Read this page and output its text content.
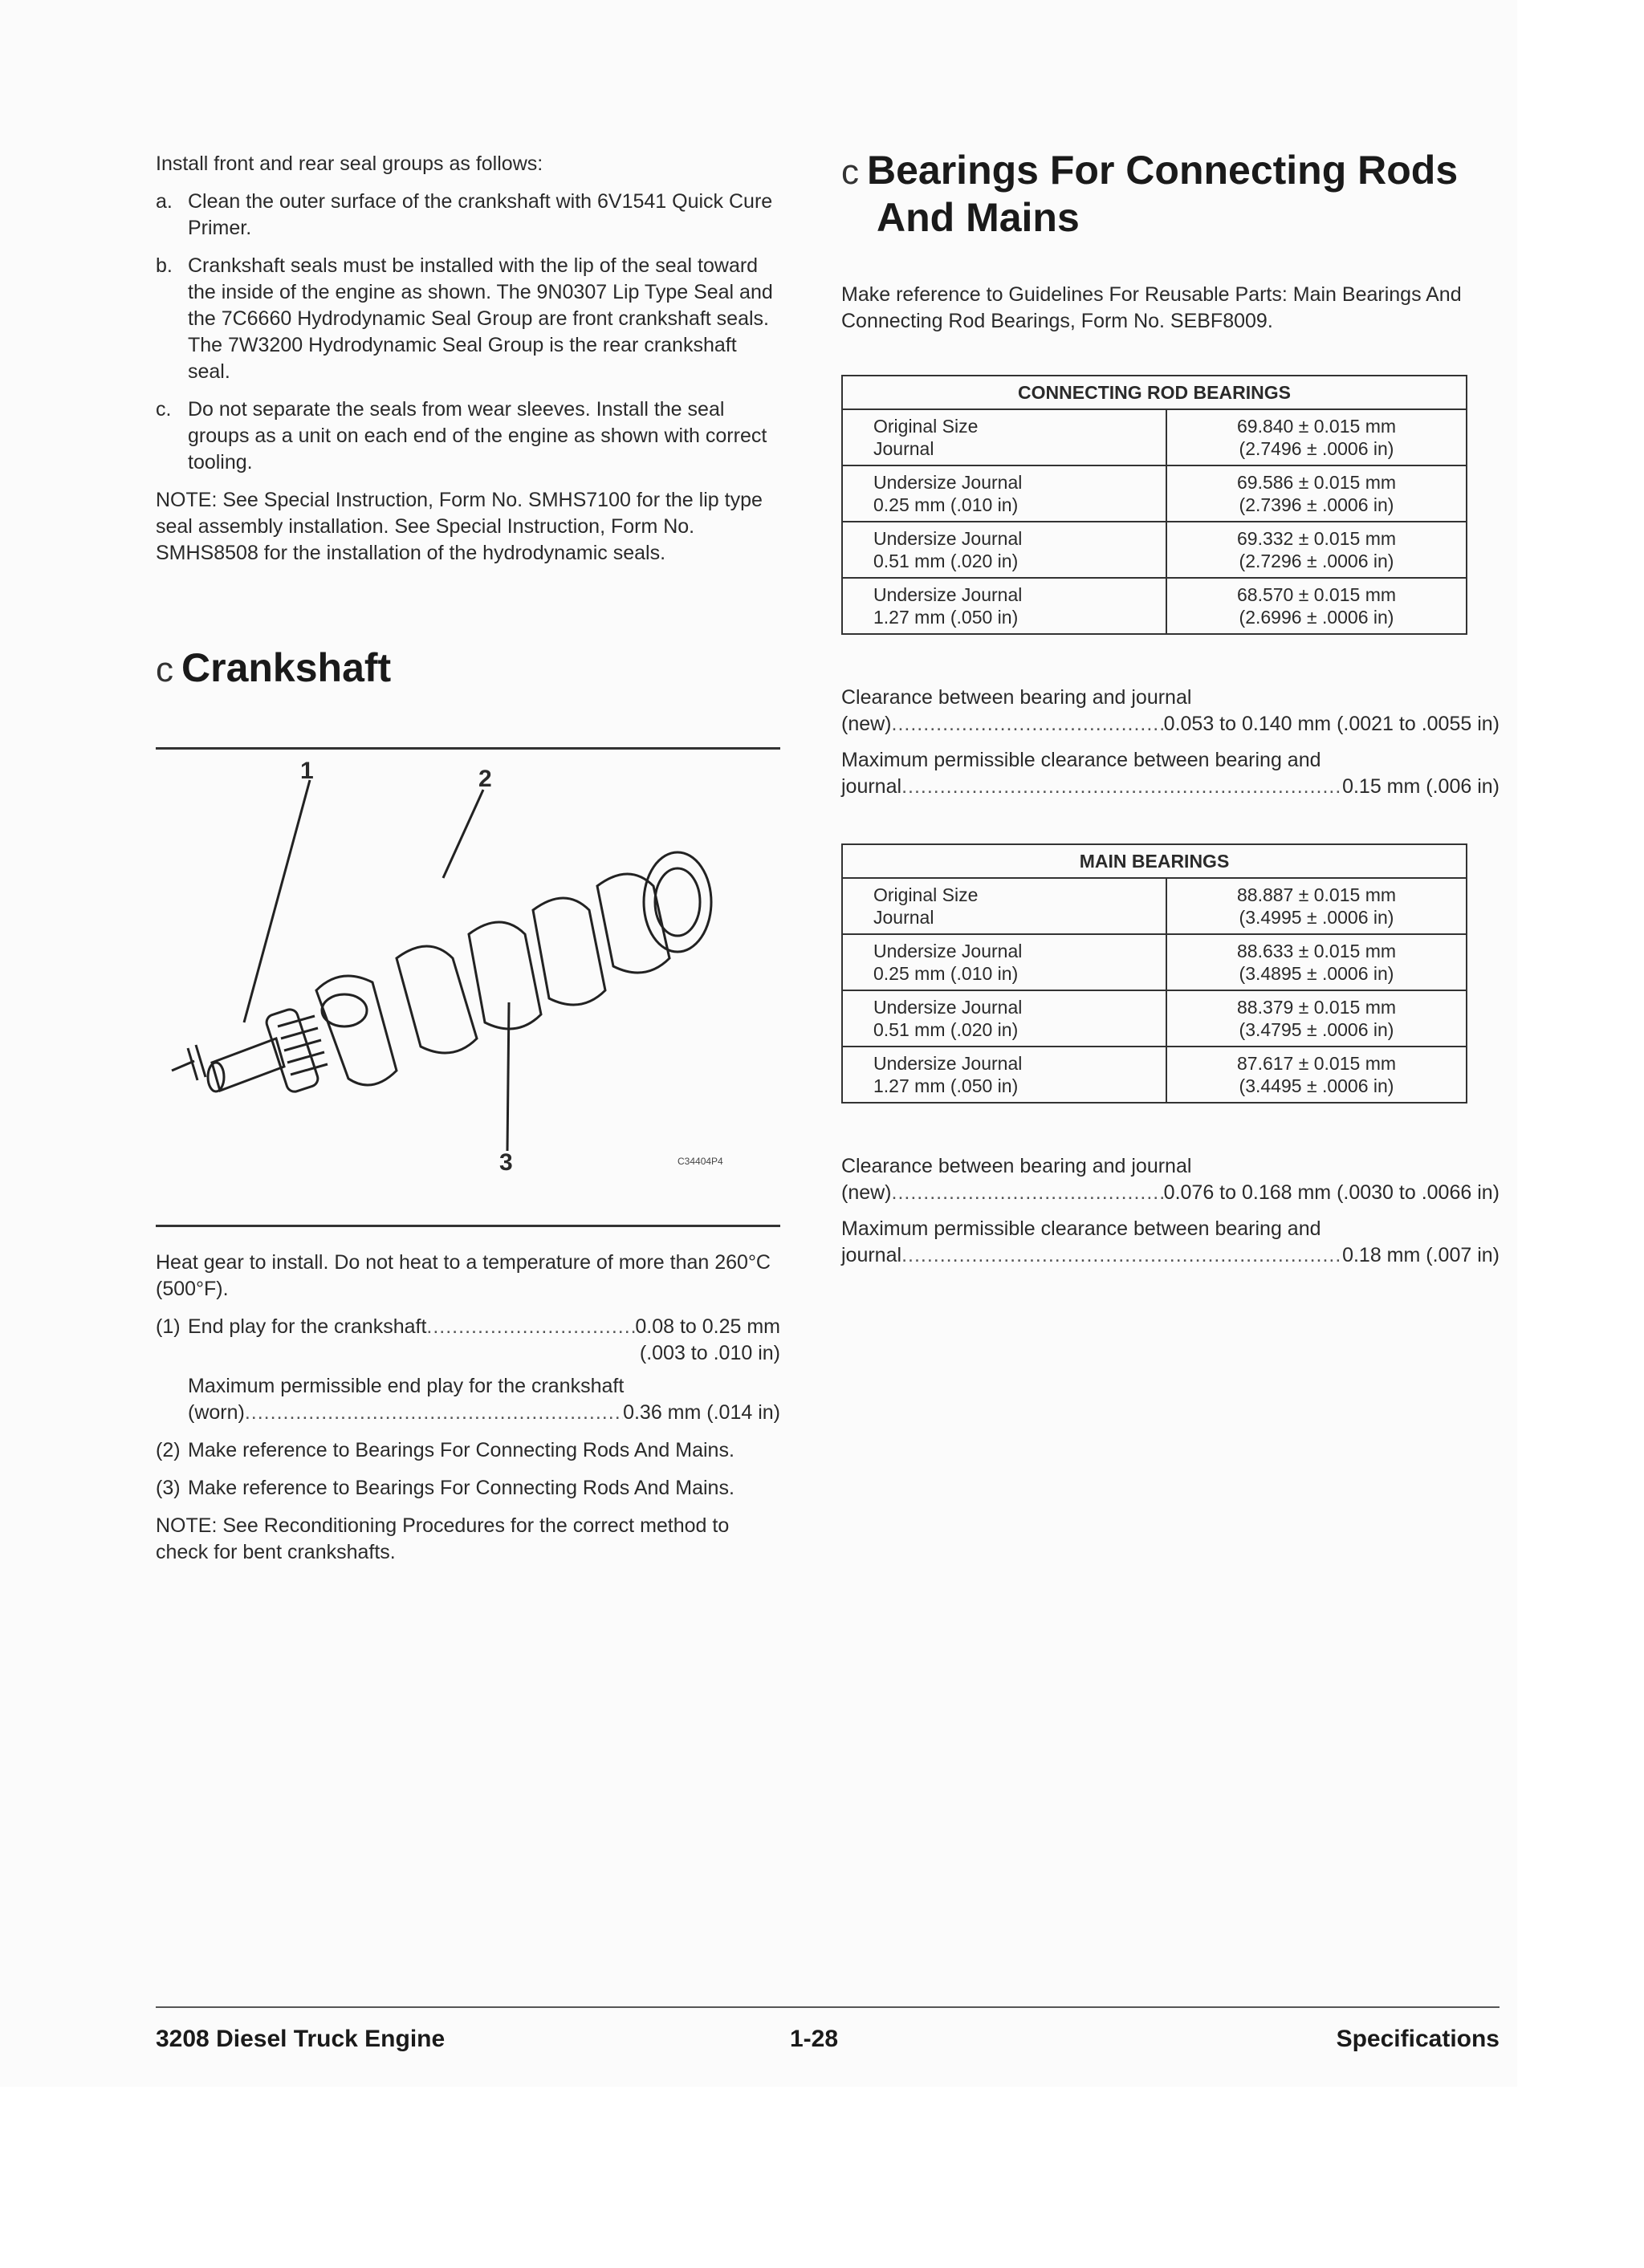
Install front and rear seal groups as follows:

a. Clean the outer surface of the crankshaft with 6V1541 Quick Cure Primer.
b. Crankshaft seals must be installed with the lip of the seal toward the inside of the engine as shown. The 9N0307 Lip Type Seal and the 7C6660 Hydrodynamic Seal Group are front crankshaft seals. The 7W3200 Hydrodynamic Seal Group is the rear crankshaft seal.
c. Do not separate the seals from wear sleeves. Install the seal groups as a unit on each end of the engine as shown with correct tooling.

NOTE: See Special Instruction, Form No. SMHS7100 for the lip type seal assembly installation. See Special Instruction, Form No. SMHS8508 for the installation of the hydrodynamic seals.

c Crankshaft
1	2
3	C34404P4

Heat gear to install. Do not heat to a temperature of more than 260°C (500°F).

(1) End play for the crankshaft .....	0.08 to 0.25 mm
(.003 to .010 in)
Maximum permissible end play for the crankshaft
(worn) .....	0.36 mm (.014 in)
(2) Make reference to Bearings For Connecting Rods And Mains.
(3) Make reference to Bearings For Connecting Rods And Mains.

NOTE: See Reconditioning Procedures for the correct method to check for bent crankshafts.

c Bearings For Connecting Rods
And Mains

Make reference to Guidelines For Reusable Parts: Main Bearings And Connecting Rod Bearings, Form No. SEBF8009.

CONNECTING ROD BEARINGS	

Original Size
Journal	69.840 ± 0.015 mm
(2.7496 ± .0006 in)

Undersize Journal
0.25 mm (.010 in)	69.586 ± 0.015 mm
(2.7396 ± .0006 in)

Undersize Journal
0.51 mm (.020 in)	69.332 ± 0.015 mm
(2.7296 ± .0006 in)

Undersize Journal
1.27 mm (.050 in)	68.570 ± 0.015 mm
(2.6996 ± .0006 in)
Clearance between bearing and journal
(new) .....	0.053 to 0.140 mm (.0021 to .0055 in)
Maximum permissible clearance between bearing and
journal .....	0.15 mm (.006 in)
MAIN BEARINGS	

Original Size
Journal	88.887 ± 0.015 mm
(3.4995 ± .0006 in)

Undersize Journal
0.25 mm (.010 in)	88.633 ± 0.015 mm
(3.4895 ± .0006 in)

Undersize Journal
0.51 mm (.020 in)	88.379 ± 0.015 mm
(3.4795 ± .0006 in)

Undersize Journal
1.27 mm (.050 in)	87.617 ± 0.015 mm
(3.4495 ± .0006 in)
Clearance between bearing and journal
(new) .....	0.076 to 0.168 mm (.0030 to .0066 in)
Maximum permissible clearance between bearing and
journal .....	0.18 mm (.007 in)
3208 Diesel Truck Engine	1-28	Specifications
